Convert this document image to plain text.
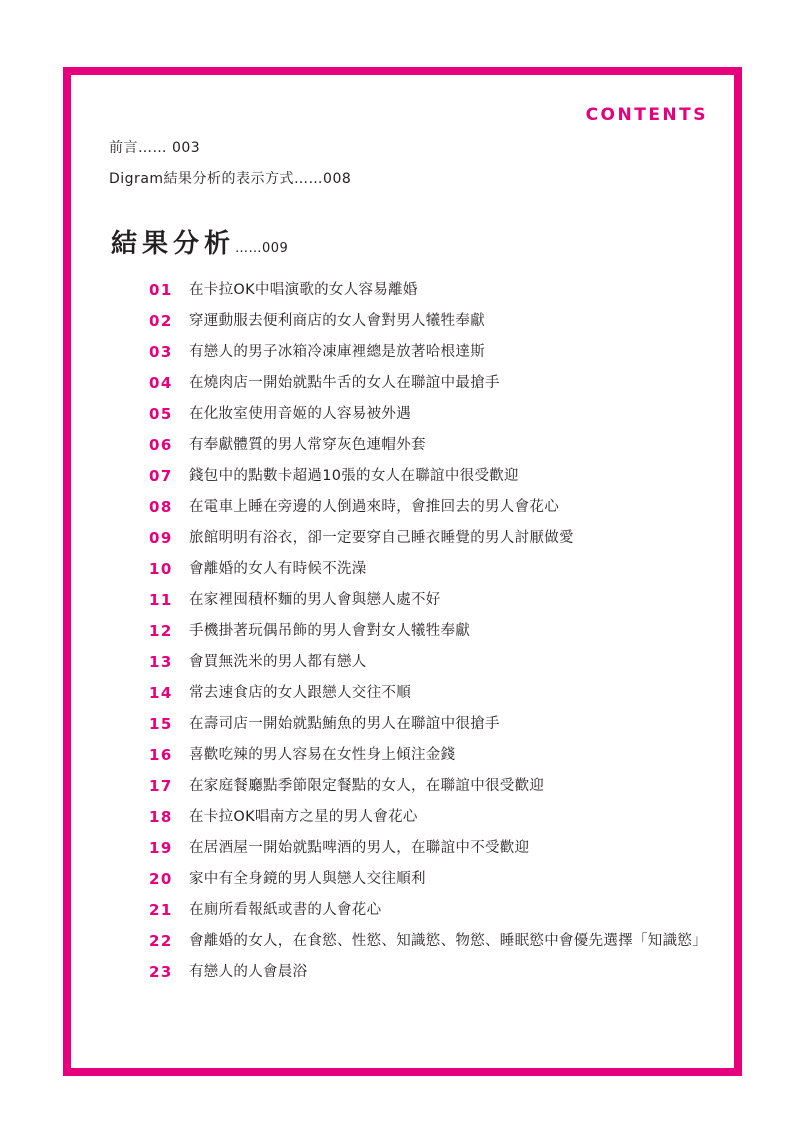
CONTENTS
前言…… 003
Digram結果分析的表示方式……008
結果分析……009
01	在卡拉OK中唱演歌的女人容易離婚
02	穿運動服去便利商店的女人會對男人犧牲奉獻
03	有戀人的男子冰箱冷凍庫裡總是放著哈根達斯
04	在燒肉店一開始就點牛舌的女人在聯誼中最搶手
05	在化妝室使用音姬的人容易被外遇
06	有奉獻體質的男人常穿灰色連帽外套
07	錢包中的點數卡超過10張的女人在聯誼中很受歡迎
08	在電車上睡在旁邊的人倒過來時，會推回去的男人會花心
09	旅館明明有浴衣，卻一定要穿自己睡衣睡覺的男人討厭做愛
10	會離婚的女人有時候不洗澡
11	在家裡囤積杯麵的男人會與戀人處不好
12	手機掛著玩偶吊飾的男人會對女人犧牲奉獻
13	會買無洗米的男人都有戀人
14	常去速食店的女人跟戀人交往不順
15	在壽司店一開始就點鮪魚的男人在聯誼中很搶手
16	喜歡吃辣的男人容易在女性身上傾注金錢
17	在家庭餐廳點季節限定餐點的女人，在聯誼中很受歡迎
18	在卡拉OK唱南方之星的男人會花心
19	在居酒屋一開始就點啤酒的男人，在聯誼中不受歡迎
20	家中有全身鏡的男人與戀人交往順利
21	在廁所看報紙或書的人會花心
22	會離婚的女人，在食慾、性慾、知識慾、物慾、睡眠慾中會優先選擇「知識慾」
23	有戀人的人會晨浴
